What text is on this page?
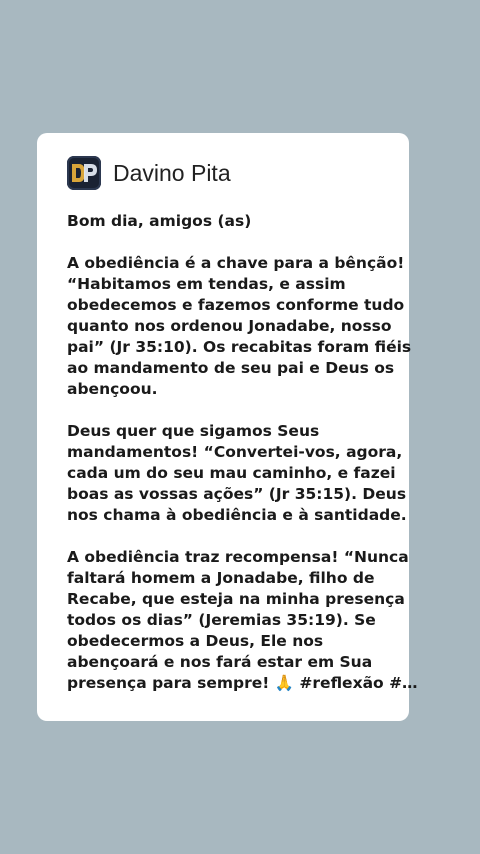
Davino Pita

Bom dia, amigos (as)

A obediência é a chave para a bênção!
“Habitamos em tendas, e assim
obedecemos e fazemos conforme tudo
quanto nos ordenou Jonadabe, nosso
pai” (Jr 35:10). Os recabitas foram fiéis
ao mandamento de seu pai e Deus os
abençoou.

Deus quer que sigamos Seus
mandamentos! “Convertei-vos, agora,
cada um do seu mau caminho, e fazei
boas as vossas ações” (Jr 35:15). Deus
nos chama à obediência e à santidade.

A obediência traz recompensa! “Nunca
faltará homem a Jonadabe, filho de
Recabe, que esteja na minha presença
todos os dias” (Jeremias 35:19). Se
obedecermos a Deus, Ele nos
abençoará e nos fará estar em Sua
presença para sempre! 🙏 #reflexão #…
